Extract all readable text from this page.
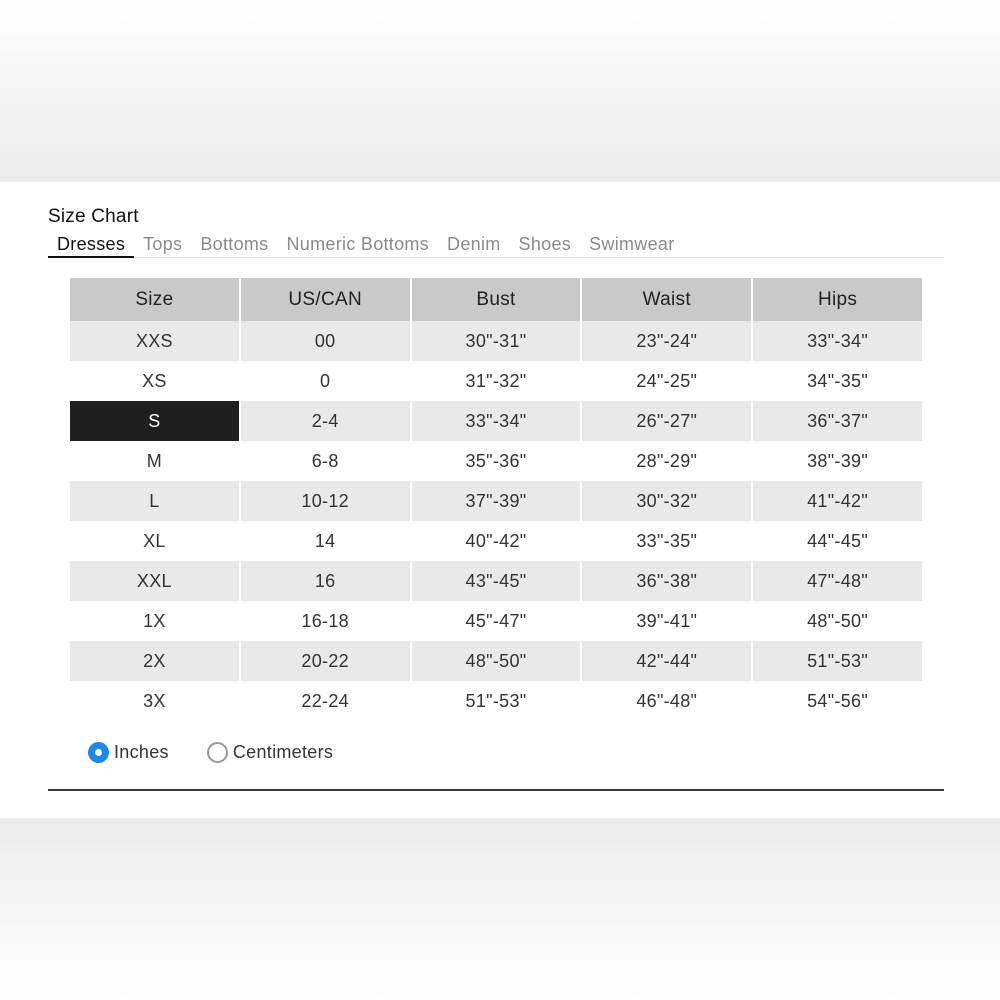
Size Chart
Dresses	Tops	Bottoms	Numeric Bottoms	Denim	Shoes	Swimwear
Size	US/CAN	Bust	Waist	Hips
XXS	00	30"-31"	23"-24"	33"-34"
XS	0	31"-32"	24"-25"	34"-35"
S	2-4	33"-34"	26"-27"	36"-37"
M	6-8	35"-36"	28"-29"	38"-39"
L	10-12	37"-39"	30"-32"	41"-42"
XL	14	40"-42"	33"-35"	44"-45"
XXL	16	43"-45"	36"-38"	47"-48"
1X	16-18	45"-47"	39"-41"	48"-50"
2X	20-22	48"-50"	42"-44"	51"-53"
3X	22-24	51"-53"	46"-48"	54"-56"
Inches	Centimeters
